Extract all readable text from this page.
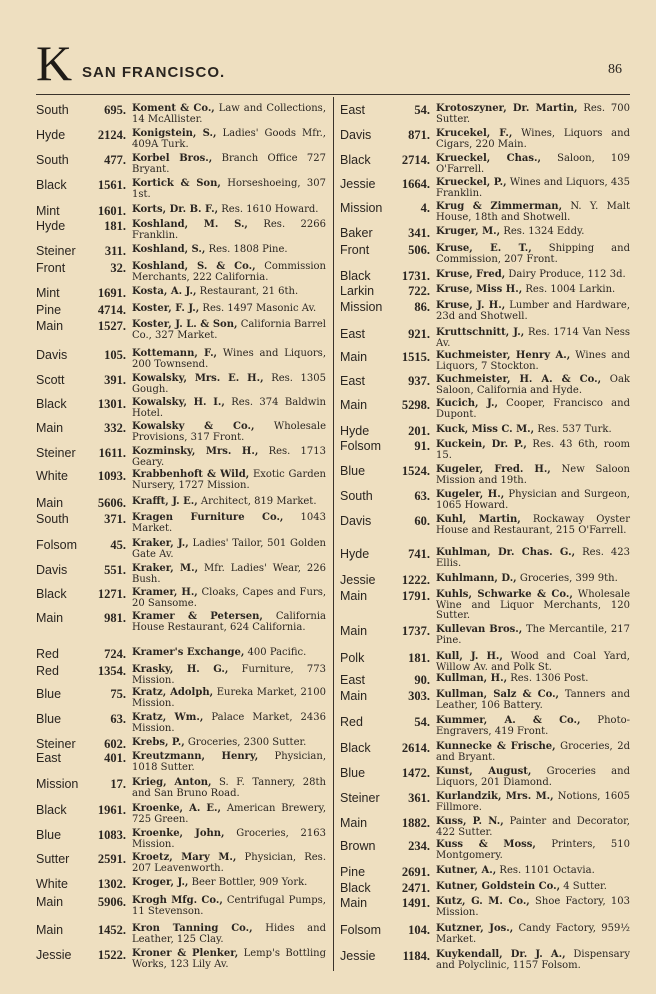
K SAN FRANCISCO.	86
South	695. Koment & Co., Law and Collections, 14 McAllister.
Hyde	2124. Konigstein, S., Ladies' Goods Mfr., 409A Turk.
South	477. Korbel Bros., Branch Office 727 Bryant.
Black	1561. Kortick & Son, Horseshoeing, 307 1st.
Mint	1601. Korts, Dr. B. F., Res. 1610 Howard.
Hyde	181. Koshland, M. S., Res. 2266 Franklin.
Steiner	311. Koshland, S., Res. 1808 Pine.
Front	32. Koshland, S. & Co., Commission Merchants, 222 California.
Mint	1691. Kosta, A. J., Restaurant, 21 6th.
Pine	4714. Koster, F. J., Res. 1497 Masonic Av.
Main	1527. Koster, J. L. & Son, California Barrel Co., 327 Market.
Davis	105. Kottemann, F., Wines and Liquors, 200 Townsend.
Scott	391. Kowalsky, Mrs. E. H., Res. 1305 Gough.
Black	1301. Kowalsky, H. I., Res. 374 Baldwin Hotel.
Main	332. Kowalsky & Co., Wholesale Provisions, 317 Front.
Steiner	1611. Kozminsky, Mrs. H., Res. 1713 Geary.
White	1093. Krabbenhoft & Wild, Exotic Garden Nursery, 1727 Mission.
Main	5606. Krafft, J. E., Architect, 819 Market.
South	371. Kragen Furniture Co., 1043 Market.
Folsom	45. Kraker, J., Ladies' Tailor, 501 Golden Gate Av.
Davis	551. Kraker, M., Mfr. Ladies' Wear, 226 Bush.
Black	1271. Kramer, H., Cloaks, Capes and Furs, 20 Sansome.
Main	981. Kramer & Petersen, California House Restaurant, 624 California.
Red	724. Kramer's Exchange, 400 Pacific.
Red	1354. Krasky, H. G., Furniture, 773 Mission.
Blue	75. Kratz, Adolph, Eureka Market, 2100 Mission.
Blue	63. Kratz, Wm., Palace Market, 2436 Mission.
Steiner	602. Krebs, P., Groceries, 2300 Sutter.
East	401. Kreutzmann, Henry, Physician, 1018 Sutter.
Mission	17. Krieg, Anton, S. F. Tannery, 28th and San Bruno Road.
Black	1961. Kroenke, A. E., American Brewery, 725 Green.
Blue	1083. Kroenke, John, Groceries, 2163 Mission.
Sutter	2591. Kroetz, Mary M., Physician, Res. 207 Leavenworth.
White	1302. Kroger, J., Beer Bottler, 909 York.
Main	5906. Krogh Mfg. Co., Centrifugal Pumps, 11 Stevenson.
Main	1452. Kron Tanning Co., Hides and Leather, 125 Clay.
Jessie	1522. Kroner & Plenker, Lemp's Bottling Works, 123 Lily Av.
East	54. Krotoszyner, Dr. Martin, Res. 700 Sutter.
Davis	871. Krucekel, F., Wines, Liquors and Cigars, 220 Main.
Black	2714. Krueckel, Chas., Saloon, 109 O'Farrell.
Jessie	1664. Krueckel, P., Wines and Liquors, 435 Franklin.
Mission	4. Krug & Zimmerman, N. Y. Malt House, 18th and Shotwell.
Baker	341. Kruger, M., Res. 1324 Eddy.
Front	506. Kruse, E. T., Shipping and Commission, 207 Front.
Black	1731. Kruse, Fred, Dairy Produce, 112 3d.
Larkin	722. Kruse, Miss H., Res. 1004 Larkin.
Mission	86. Kruse, J. H., Lumber and Hardware, 23d and Shotwell.
East	921. Kruttschnitt, J., Res. 1714 Van Ness Av.
Main	1515. Kuchmeister, Henry A., Wines and Liquors, 7 Stockton.
East	937. Kuchmeister, H. A. & Co., Oak Saloon, California and Hyde.
Main	5298. Kucich, J., Cooper, Francisco and Dupont.
Hyde	201. Kuck, Miss C. M., Res. 537 Turk.
Folsom	91. Kuckein, Dr. P., Res. 43 6th, room 15.
Blue	1524. Kugeler, Fred. H., New Saloon Mission and 19th.
South	63. Kugeler, H., Physician and Surgeon, 1065 Howard.
Davis	60. Kuhl, Martin, Rockaway Oyster House and Restaurant, 215 O'Farrell.
Hyde	741. Kuhlman, Dr. Chas. G., Res. 423 Ellis.
Jessie	1222. Kuhlmann, D., Groceries, 399 9th.
Main	1791. Kuhls, Schwarke & Co., Wholesale Wine and Liquor Merchants, 120 Sutter.
Main	1737. Kullevan Bros., The Mercantile, 217 Pine.
Polk	181. Kull, J. H., Wood and Coal Yard, Willow Av. and Polk St.
East	90. Kullman, H., Res. 1306 Post.
Main	303. Kullman, Salz & Co., Tanners and Leather, 106 Battery.
Red	54. Kummer, A. & Co., Photo-Engravers, 419 Front.
Black	2614. Kunnecke & Frische, Groceries, 2d and Bryant.
Blue	1472. Kunst, August, Groceries and Liquors, 201 Diamond.
Steiner	361. Kurlandzik, Mrs. M., Notions, 1605 Fillmore.
Main	1882. Kuss, P. N., Painter and Decorator, 422 Sutter.
Brown	234. Kuss & Moss, Printers, 510 Montgomery.
Pine	2691. Kutner, A., Res. 1101 Octavia.
Black	2471. Kutner, Goldstein Co., 4 Sutter.
Main	1491. Kutz, G. M. Co., Shoe Factory, 103 Mission.
Folsom	104. Kutzner, Jos., Candy Factory, 959½ Market.
Jessie	1184. Kuykendall, Dr. J. A., Dispensary and Polyclinic, 1157 Folsom.
